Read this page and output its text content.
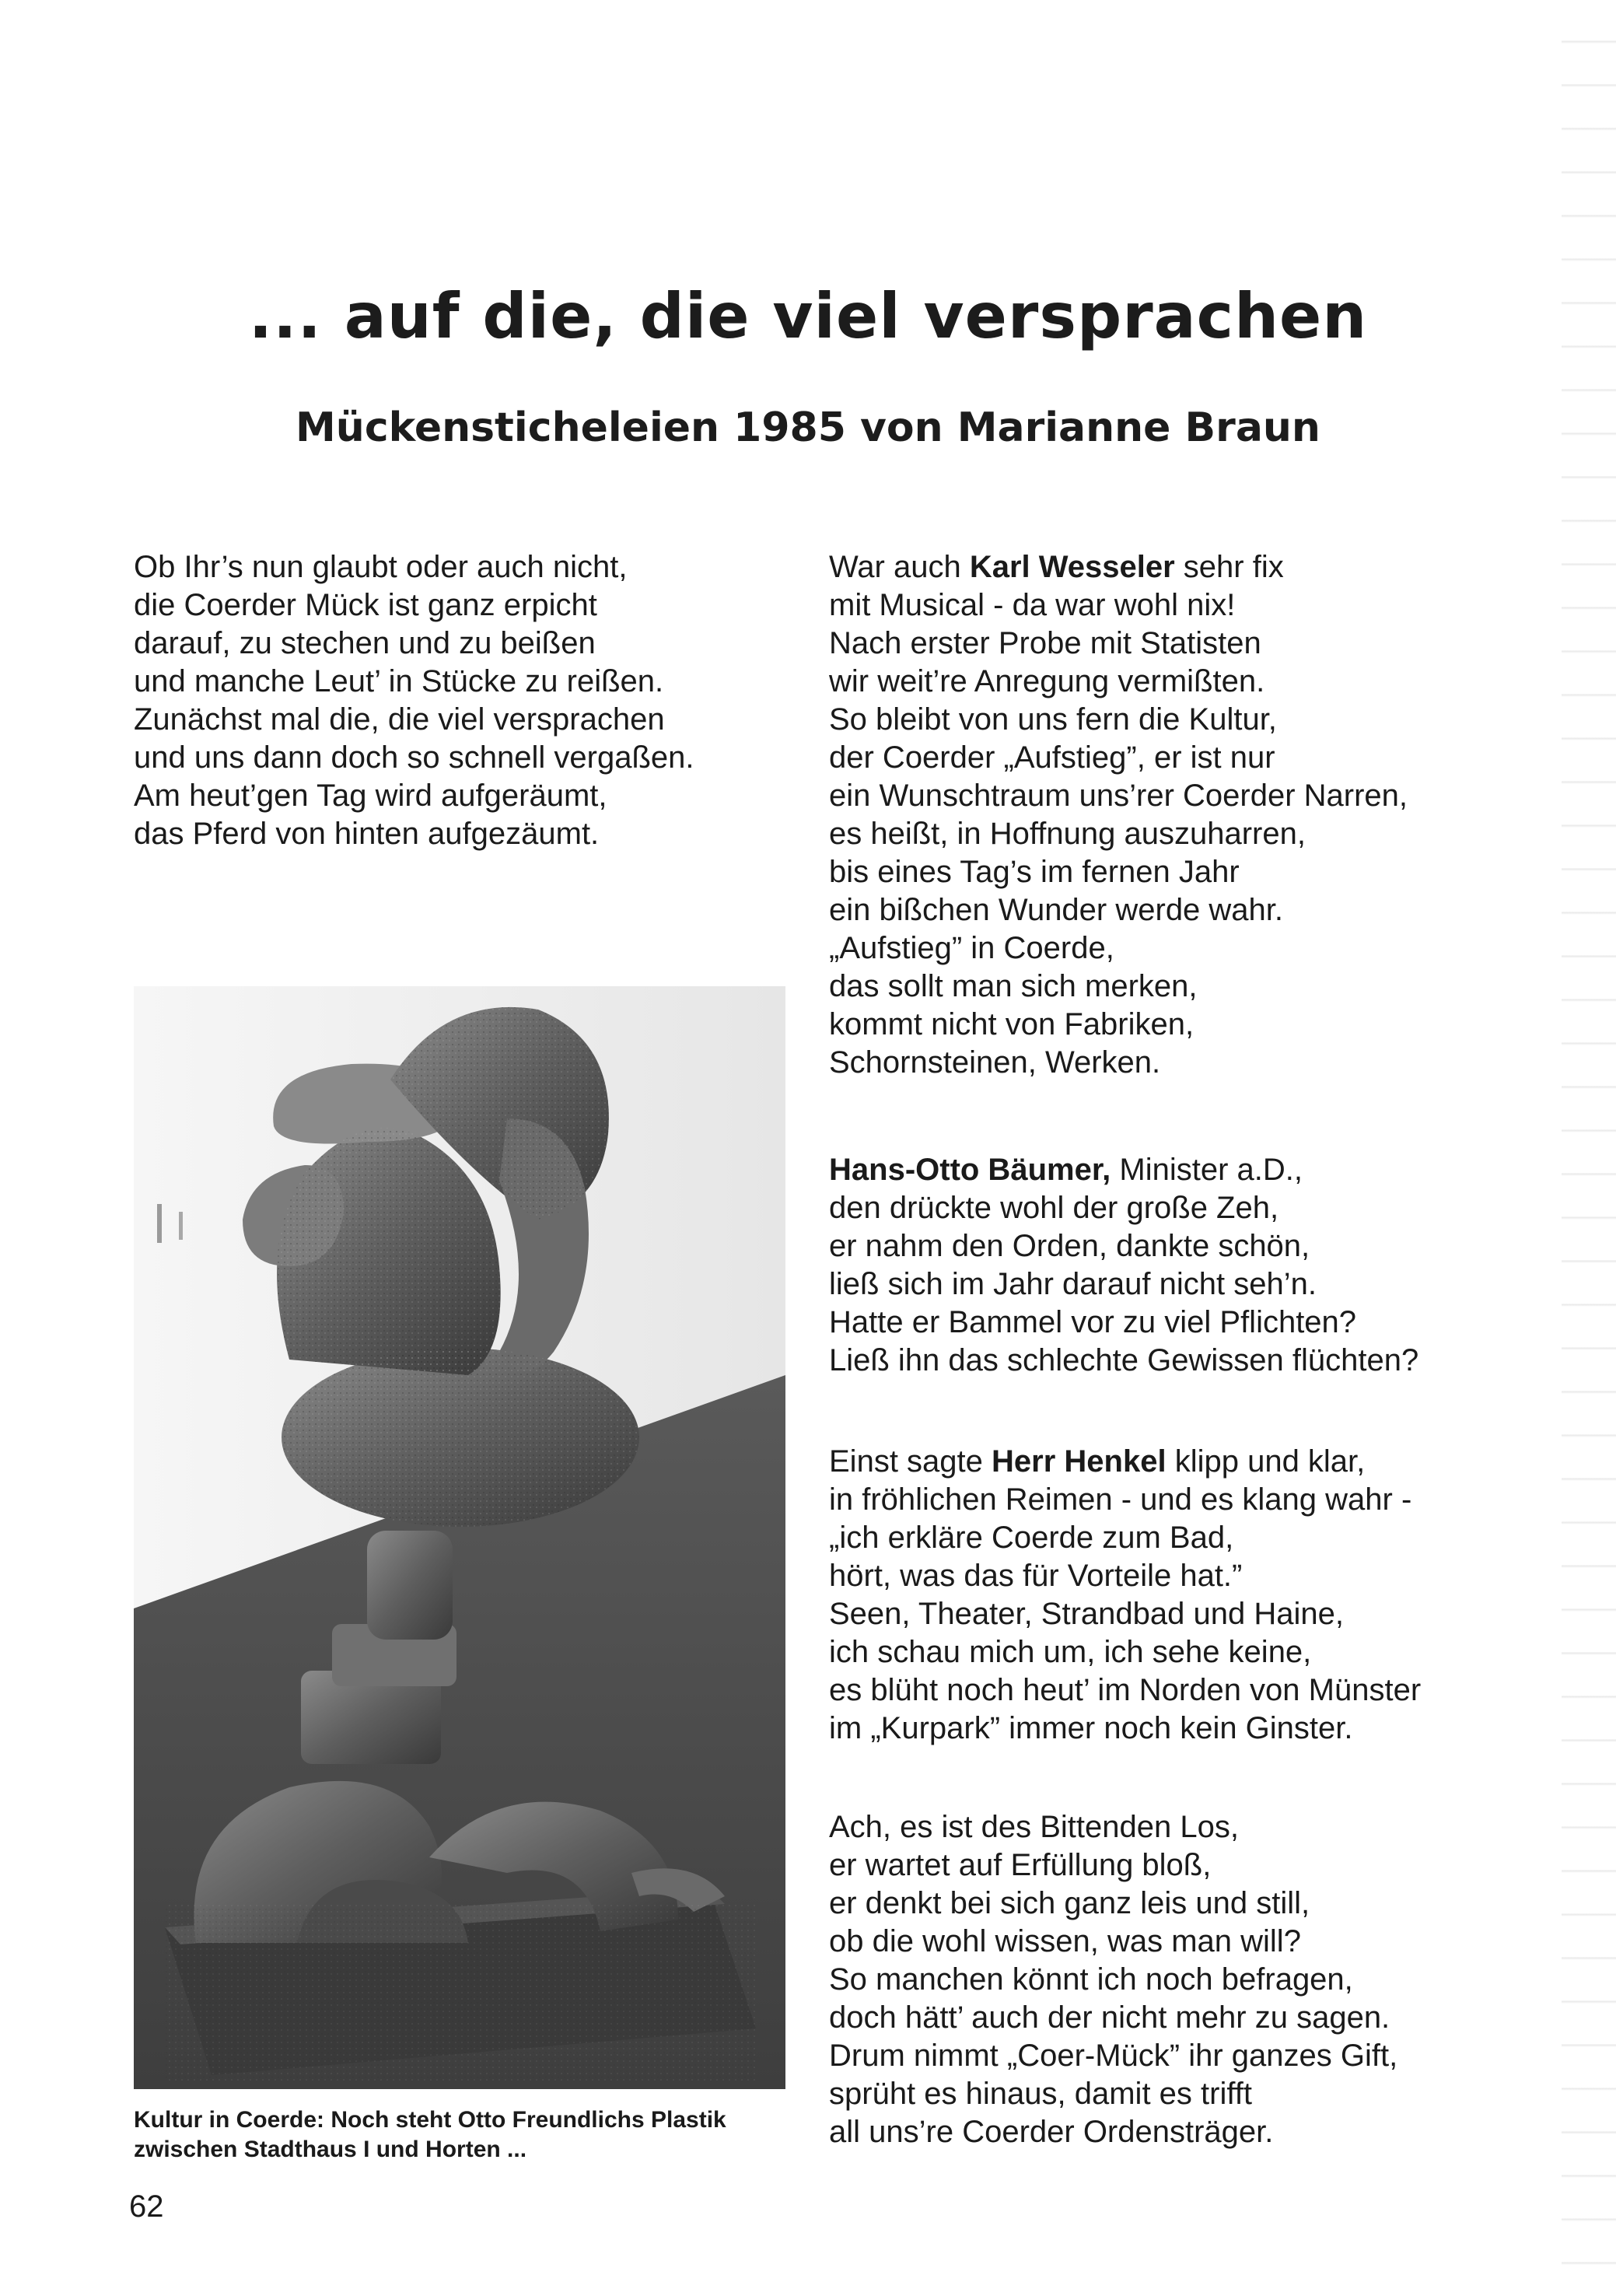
... auf die, die viel versprachen
Mückensticheleien 1985 von Marianne Braun
Ob Ihr’s nun glaubt oder auch nicht,
die Coerder Mück ist ganz erpicht
darauf, zu stechen und zu beißen
und manche Leut’ in Stücke zu reißen.
Zunächst mal die, die viel versprachen
und uns dann doch so schnell vergaßen.
Am heut’gen Tag wird aufgeräumt,
das Pferd von hinten aufgezäumt.
War auch Karl Wesseler sehr fix
mit Musical - da war wohl nix!
Nach erster Probe mit Statisten
wir weit’re Anregung vermißten.
So bleibt von uns fern die Kultur,
der Coerder „Aufstieg”, er ist nur
ein Wunschtraum uns’rer Coerder Narren,
es heißt, in Hoffnung auszuharren,
bis eines Tag’s im fernen Jahr
ein bißchen Wunder werde wahr.
„Aufstieg” in Coerde,
das sollt man sich merken,
kommt nicht von Fabriken,
Schornsteinen, Werken.
Hans-Otto Bäumer, Minister a.D.,
den drückte wohl der große Zeh,
er nahm den Orden, dankte schön,
ließ sich im Jahr darauf nicht seh’n.
Hatte er Bammel vor zu viel Pflichten?
Ließ ihn das schlechte Gewissen flüchten?
Einst sagte Herr Henkel klipp und klar,
in fröhlichen Reimen - und es klang wahr -
„ich erkläre Coerde zum Bad,
hört, was das für Vorteile hat.”
Seen, Theater, Strandbad und Haine,
ich schau mich um, ich sehe keine,
es blüht noch heut’ im Norden von Münster
im „Kurpark” immer noch kein Ginster.
Ach, es ist des Bittenden Los,
er wartet auf Erfüllung bloß,
er denkt bei sich ganz leis und still,
ob die wohl wissen, was man will?
So manchen könnt ich noch befragen,
doch hätt’ auch der nicht mehr zu sagen.
Drum nimmt „Coer-Mück” ihr ganzes Gift,
sprüht es hinaus, damit es trifft
all uns’re Coerder Ordensträger.
Kultur in Coerde: Noch steht Otto Freundlichs Plastik
zwischen Stadthaus I und Horten ...
62
